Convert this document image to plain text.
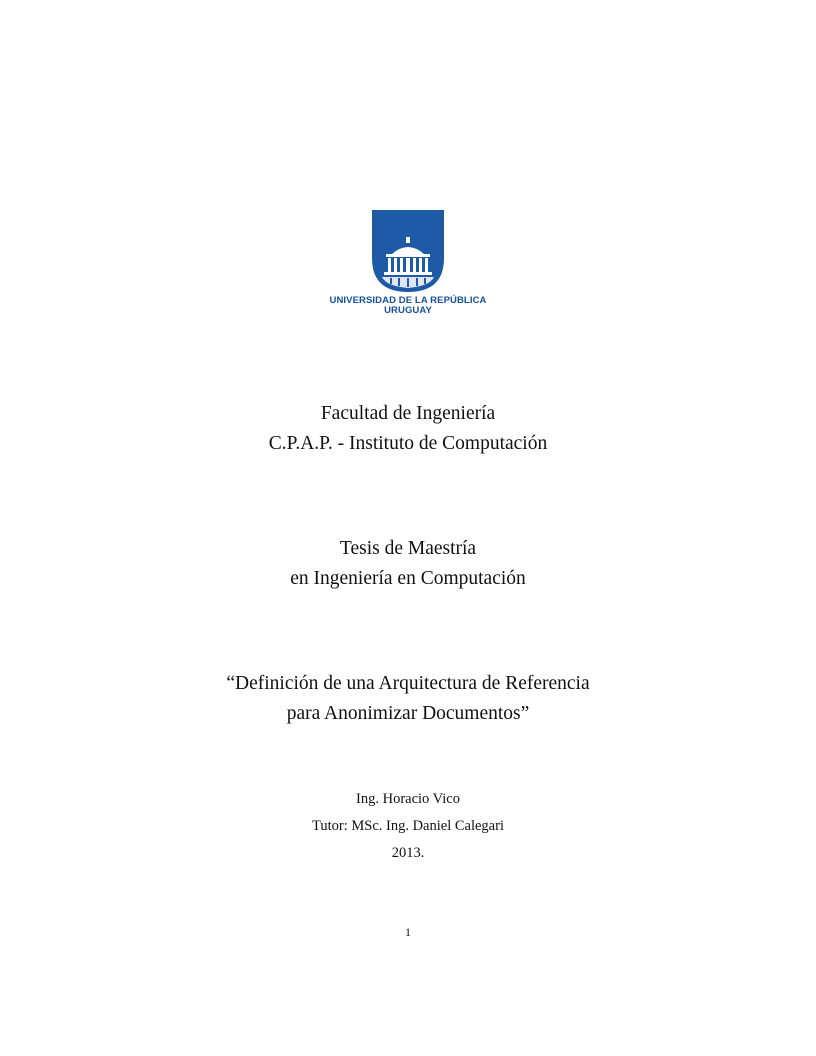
UNIVERSIDAD DE LA REPÚBLICA
URUGUAY
Facultad de Ingeniería
C.P.A.P. - Instituto de Computación
Tesis de Maestría
en Ingeniería en Computación
“Definición de una Arquitectura de Referencia
para Anonimizar Documentos”
Ing. Horacio Vico
Tutor: MSc. Ing. Daniel Calegari
2013.
1
